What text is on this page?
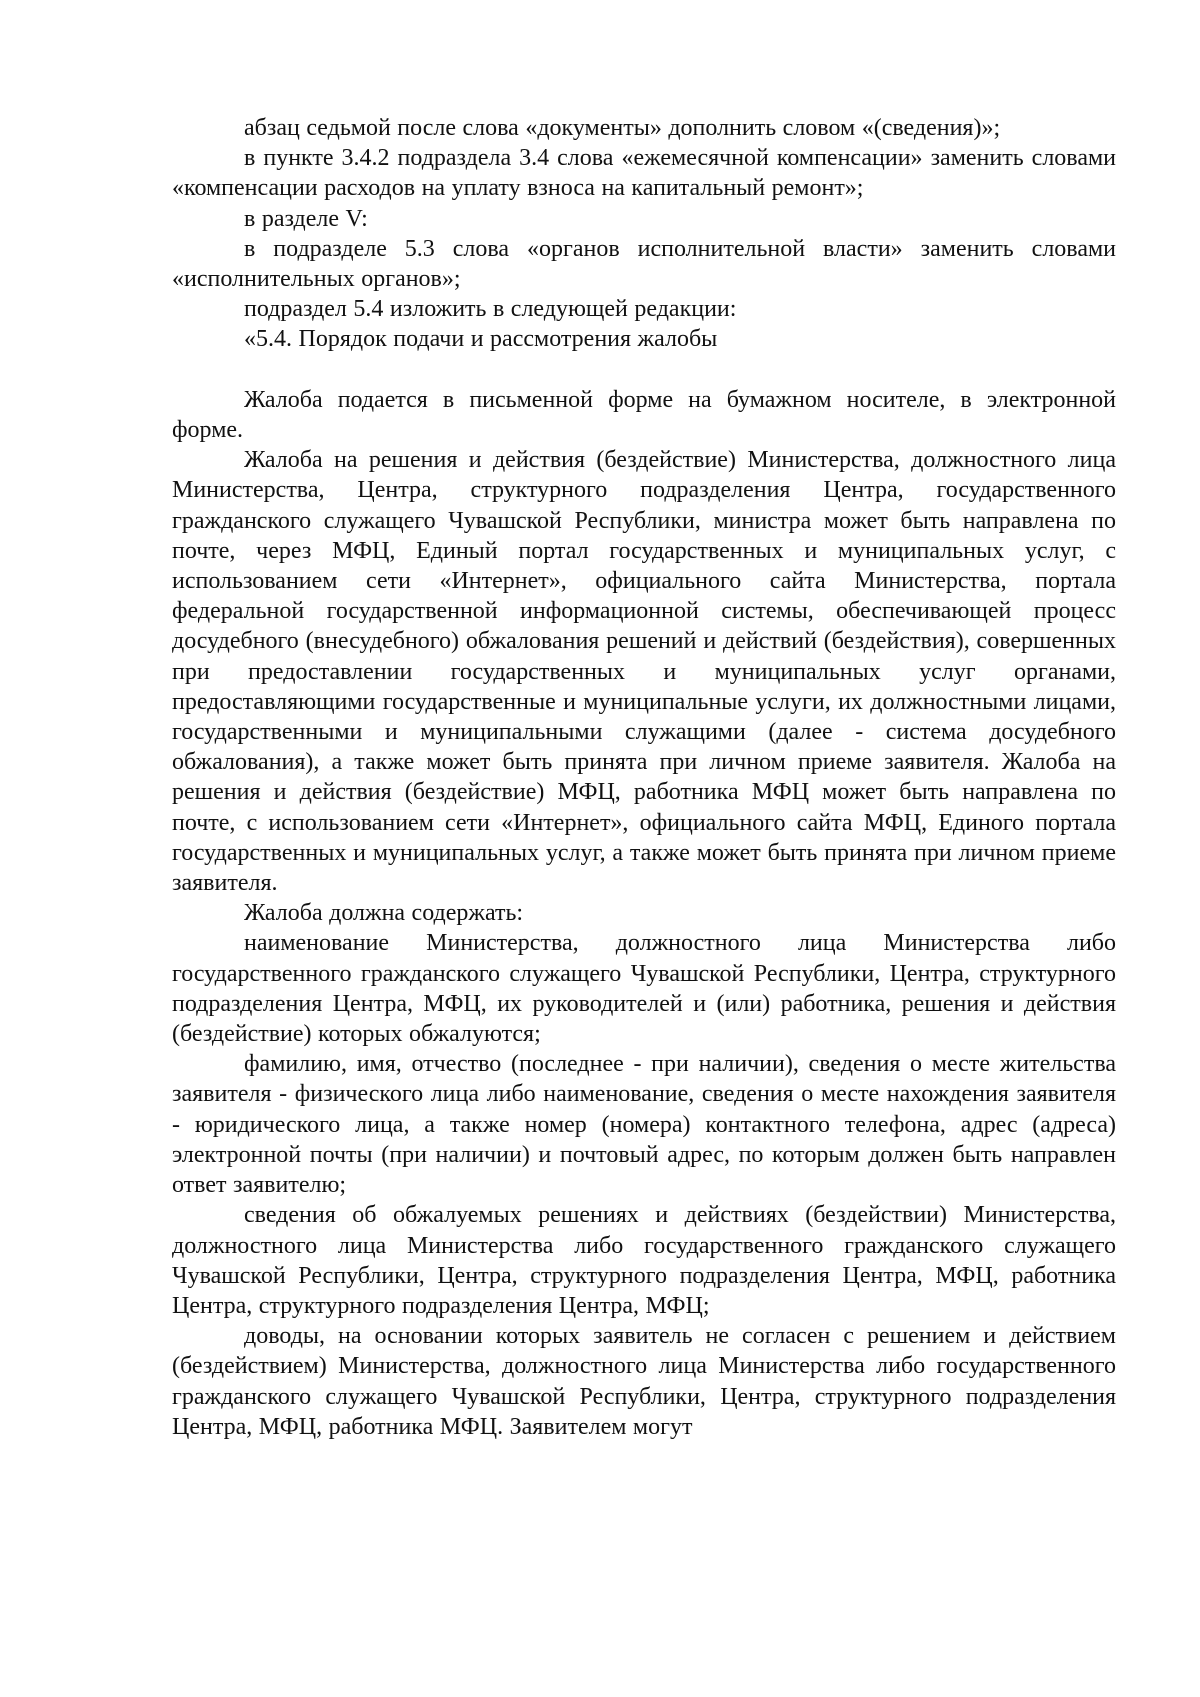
абзац седьмой после слова «документы» дополнить словом «(сведения)»;

в пункте 3.4.2 подраздела 3.4 слова «ежемесячной компенсации» заменить словами «компенсации расходов на уплату взноса на капитальный ремонт»;

в разделе V:

в подразделе 5.3 слова «органов исполнительной власти» заменить словами «исполнительных органов»;

подраздел 5.4 изложить в следующей редакции:

«5.4. Порядок подачи и рассмотрения жалобы

Жалоба подается в письменной форме на бумажном носителе, в электронной форме.

Жалоба на решения и действия (бездействие) Министерства, должностного лица Министерства, Центра, структурного подразделения Центра, государственного гражданского служащего Чувашской Республики, министра может быть направлена по почте, через МФЦ, Единый портал государственных и муниципальных услуг, с использованием сети «Интернет», официального сайта Министерства, портала федеральной государственной информационной системы, обеспечивающей процесс досудебного (внесудебного) обжалования решений и действий (бездействия), совершенных при предоставлении государственных и муниципальных услуг органами, предоставляющими государственные и муниципальные услуги, их должностными лицами, государственными и муниципальными служащими (далее - система досудебного обжалования), а также может быть принята при личном приеме заявителя. Жалоба на решения и действия (бездействие) МФЦ, работника МФЦ может быть направлена по почте, с использованием сети «Интернет», официального сайта МФЦ, Единого портала государственных и муниципальных услуг, а также может быть принята при личном приеме заявителя.

Жалоба должна содержать:

наименование Министерства, должностного лица Министерства либо государственного гражданского служащего Чувашской Республики, Центра, структурного подразделения Центра, МФЦ, их руководителей и (или) работника, решения и действия (бездействие) которых обжалуются;

фамилию, имя, отчество (последнее - при наличии), сведения о месте жительства заявителя - физического лица либо наименование, сведения о месте нахождения заявителя - юридического лица, а также номер (номера) контактного телефона, адрес (адреса) электронной почты (при наличии) и почтовый адрес, по которым должен быть направлен ответ заявителю;

сведения об обжалуемых решениях и действиях (бездействии) Министерства, должностного лица Министерства либо государственного гражданского служащего Чувашской Республики, Центра, структурного подразделения Центра, МФЦ, работника Центра, структурного подразделения Центра, МФЦ;

доводы, на основании которых заявитель не согласен с решением и действием (бездействием) Министерства, должностного лица Министерства либо государственного гражданского служащего Чувашской Республики, Центра, структурного подразделения Центра, МФЦ, работника МФЦ. Заявителем могут
